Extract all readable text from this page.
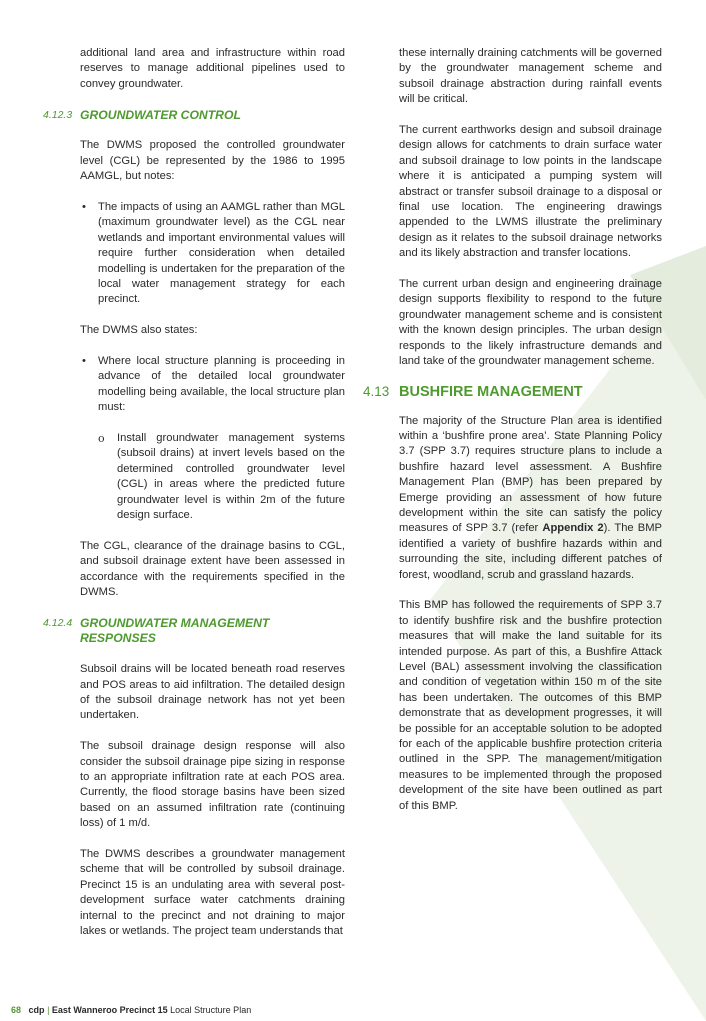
additional land area and infrastructure within road reserves to manage additional pipelines used to convey groundwater.

4.12.3 GROUNDWATER CONTROL

The DWMS proposed the controlled groundwater level (CGL) be represented by the 1986 to 1995 AAMGL, but notes:

• The impacts of using an AAMGL rather than MGL (maximum groundwater level) as the CGL near wetlands and important environmental values will require further consideration when detailed modelling is undertaken for the preparation of the local water management strategy for each precinct.

The DWMS also states:

• Where local structure planning is proceeding in advance of the detailed local groundwater modelling being available, the local structure plan must:
o Install groundwater management systems (subsoil drains) at invert levels based on the determined controlled groundwater level (CGL) in areas where the predicted future groundwater level is within 2m of the future design surface.

The CGL, clearance of the drainage basins to CGL, and subsoil drainage extent have been assessed in accordance with the requirements specified in the DWMS.

4.12.4 GROUNDWATER MANAGEMENT RESPONSES

Subsoil drains will be located beneath road reserves and POS areas to aid infiltration. The detailed design of the subsoil drainage network has not yet been undertaken.

The subsoil drainage design response will also consider the subsoil drainage pipe sizing in response to an appropriate infiltration rate at each POS area. Currently, the flood storage basins have been sized based on an assumed infiltration rate (continuing loss) of 1 m/d.

The DWMS describes a groundwater management scheme that will be controlled by subsoil drainage. Precinct 15 is an undulating area with several post-development surface water catchments draining internal to the precinct and not draining to major lakes or wetlands. The project team understands that

these internally draining catchments will be governed by the groundwater management scheme and subsoil drainage abstraction during rainfall events will be critical.

The current earthworks design and subsoil drainage design allows for catchments to drain surface water and subsoil drainage to low points in the landscape where it is anticipated a pumping system will abstract or transfer subsoil drainage to a disposal or final use location. The engineering drawings appended to the LWMS illustrate the preliminary design as it relates to the subsoil drainage networks and its likely abstraction and transfer locations.

The current urban design and engineering drainage design supports flexibility to respond to the future groundwater management scheme and is consistent with the known design principles. The urban design responds to the likely infrastructure demands and land take of the groundwater management scheme.

4.13 BUSHFIRE MANAGEMENT

The majority of the Structure Plan area is identified within a ‘bushfire prone area’. State Planning Policy 3.7 (SPP 3.7) requires structure plans to include a bushfire hazard level assessment. A Bushfire Management Plan (BMP) has been prepared by Emerge providing an assessment of how future development within the site can satisfy the policy measures of SPP 3.7 (refer Appendix 2). The BMP identified a variety of bushfire hazards within and surrounding the site, including different patches of forest, woodland, scrub and grassland hazards.

This BMP has followed the requirements of SPP 3.7 to identify bushfire risk and the bushfire protection measures that will make the land suitable for its intended purpose. As part of this, a Bushfire Attack Level (BAL) assessment involving the classification and condition of vegetation within 150 m of the site has been undertaken. The outcomes of this BMP demonstrate that as development progresses, it will be possible for an acceptable solution to be adopted for each of the applicable bushfire protection criteria outlined in the SPP. The management/mitigation measures to be implemented through the proposed development of the site have been outlined as part of this BMP.

68 cdp | East Wanneroo Precinct 15 Local Structure Plan
